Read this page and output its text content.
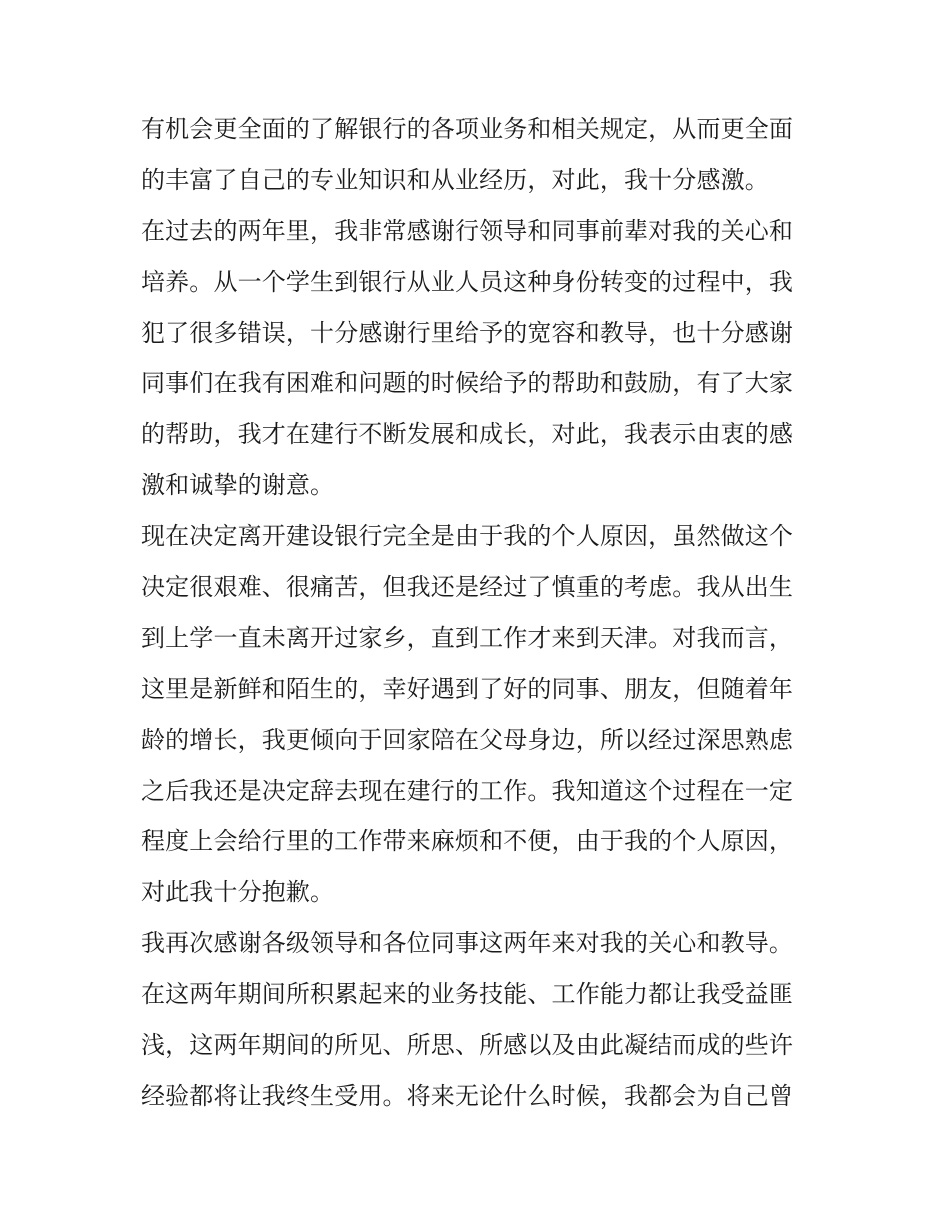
有机会更全面的了解银行的各项业务和相关规定，从而更全面
的丰富了自己的专业知识和从业经历，对此，我十分感激。
在过去的两年里，我非常感谢行领导和同事前辈对我的关心和
培养。从一个学生到银行从业人员这种身份转变的过程中，我
犯了很多错误，十分感谢行里给予的宽容和教导，也十分感谢
同事们在我有困难和问题的时候给予的帮助和鼓励，有了大家
的帮助，我才在建行不断发展和成长，对此，我表示由衷的感
激和诚挚的谢意。
现在决定离开建设银行完全是由于我的个人原因，虽然做这个
决定很艰难、很痛苦，但我还是经过了慎重的考虑。我从出生
到上学一直未离开过家乡，直到工作才来到天津。对我而言，
这里是新鲜和陌生的，幸好遇到了好的同事、朋友，但随着年
龄的增长，我更倾向于回家陪在父母身边，所以经过深思熟虑
之后我还是决定辞去现在建行的工作。我知道这个过程在一定
程度上会给行里的工作带来麻烦和不便，由于我的个人原因，
对此我十分抱歉。
我再次感谢各级领导和各位同事这两年来对我的关心和教导。
在这两年期间所积累起来的业务技能、工作能力都让我受益匪
浅，这两年期间的所见、所思、所感以及由此凝结而成的些许
经验都将让我终生受用。将来无论什么时候，我都会为自己曾
